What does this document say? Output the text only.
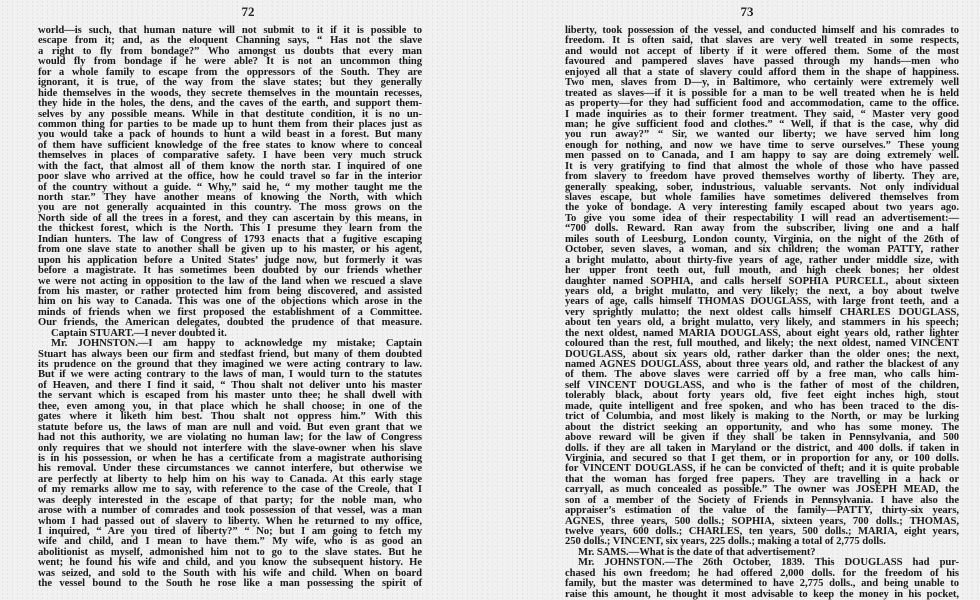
72
world—is such, that human nature will not submit to it if it is possible to
escape from it; and, as the eloquent Channing says, “ Has not the slave
a right to fly from bondage?” Who amongst us doubts that every man
would fly from bondage if he were able? It is not an uncommon thing
for a whole family to escape from the oppressors of the South. They are
ignorant, it is true, of the way from the slave states; but they generally
hide themselves in the woods, they secrete themselves in the mountain recesses,
they hide in the holes, the dens, and the caves of the earth, and support them-
selves by any possible means. While in that destitute condition, it is no un-
common thing for parties to be made up to hunt them from their places just as
you would take a pack of hounds to hunt a wild beast in a forest. But many
of them have sufficient knowledge of the free states to know where to conceal
themselves in places of comparative safety. I have been very much struck
with the fact, that almost all of them know the north star. I inquired of one
poor slave who arrived at the office, how he could travel so far in the interior
of the country without a guide. “ Why,” said he, “ my mother taught me the
north star.” They have another means of knowing the North, with which
you are not generally acquainted in this country. The moss grows on the
North side of all the trees in a forest, and they can ascertain by this means, in
the thickest forest, which is the North. This I presume they learn from the
Indian hunters. The law of Congress of 1793 enacts that a fugitive escaping
from one slave state to another shall be given up to his master, or his agent,
upon his application before a United States’ judge now, but formerly it was
before a magistrate. It has sometimes been doubted by our friends whether
we were not acting in opposition to the law of the land when we rescued a slave
from his master, or rather protected him from being discovered, and assisted
him on his way to Canada. This was one of the objections which arose in the
minds of friends when we first proposed the establishment of a Committee.
Our friends, the American delegates, doubted the prudence of that measure.
Captain STUART.—I never doubted it.
Mr. JOHNSTON.—I am happy to acknowledge my mistake; Captain
Stuart has always been our firm and stedfast friend, but many of them doubted
its prudence on the ground that they imagined we were acting contrary to law.
But if we were acting contrary to the laws of man, I would turn to the statutes
of Heaven, and there I find it said, “ Thou shalt not deliver unto his master
the servant which is escaped from his master unto thee; he shall dwell with
thee, even among you, in that place which he shall choose; in one of the
gates where it liketh him best. Thou shalt not oppress him.” With this
statute before us, the laws of man are null and void. But even grant that we
had not this authority, we are violating no human law; for the law of Congress
only requires that we should not interfere with the slave-owner when his slave
is in his possession, or when he has a certificate from a magistrate authorising
his removal. Under these circumstances we cannot interfere, but otherwise we
are perfectly at liberty to help him on his way to Canada. At this early stage
of my remarks allow me to say, with reference to the case of the Creole, that I
was deeply interested in the escape of that party; for the noble man, who
arose with a number of comrades and took possession of that vessel, was a man
whom I had passed out of slavery to liberty. When he returned to my office,
I inquired, “ Are you tired of liberty?” “ No; but I am going to fetch my
wife and child, and I mean to have them.” My wife, who is as good an
abolitionist as myself, admonished him not to go to the slave states. But he
went; he found his wife and child, and you know the subsequent history. He
was seized, and sold to the South with his wife and child. When on board
the vessel bound to the South he rose like a man possessing the spirit of
73
liberty, took possession of the vessel, and conducted himself and his comrades to
freedom. It is often said, that slaves are very well treated in some respects,
and would not accept of liberty if it were offered them. Some of the most
favoured and pampered slaves have passed through my hands—men who
enjoyed all that a state of slavery could afford them in the shape of happiness.
Two men, slaves from D—y, in Baltimore, who certainly were extremely well
treated as slaves—if it is possible for a man to be well treated when he is held
as property—for they had sufficient food and accommodation, came to the office.
I made inquiries as to their former treatment. They said, “ Master very good
man; he give sufficient food and clothes.” “ Well, if that is the case, why did
you run away?” “ Sir, we wanted our liberty; we have served him long
enough for nothing, and now we have time to serve ourselves.” These young
men passed on to Canada, and I am happy to say are doing extremely well.
It is very gratifying to find that almost the whole of those who have passed
from slavery to freedom have proved themselves worthy of liberty. They are,
generally speaking, sober, industrious, valuable servants. Not only individual
slaves escape, but whole families have sometimes delivered themselves from
the yoke of bondage. A very interesting family escaped about two years ago.
To give you some idea of their respectability I will read an advertisement:—
“700 dolls. Reward. Ran away from the subscriber, living one and a half
miles south of Leesburg, London county, Virginia, on the night of the 26th of
October, seven slaves, a woman, and six children; the woman PATTY, rather
a bright mulatto, about thirty-five years of age, rather under middle size, with
her upper front teeth out, full mouth, and high cheek bones; her oldest
daughter named SOPHIA, and calls herself SOPHIA PURCELL, about sixteen
years old, a bright mulatto, and very likely; the next, a boy about twelve
years of age, calls himself THOMAS DOUGLASS, with large front teeth, and a
very sprightly mulatto; the next oldest calls himself CHARLES DOUGLASS,
about ten years old, a bright mulatto, very likely, and stammers in his speech;
the next oldest, named MARIA DOUGLASS, about eight years old, rather lighter
coloured than the rest, full mouthed, and likely; the next oldest, named VINCENT
DOUGLASS, about six years old, rather darker than the older ones; the next,
named AGNES DOUGLASS, about three years old, and rather the blackest of any
of them. The above slaves were carried off by a free man, who calls him-
self VINCENT DOUGLASS, and who is the father of most of the children,
tolerably black, about forty years old, five feet eight inches high, stout
made, quite intelligent and free spoken, and who has been traced to the dis-
trict of Columbia, and most likely is making to the North, or may be lurking
about the district seeking an opportunity, and who has some money. The
above reward will be given if they shall be taken in Pennsylvania, and 500
dolls. if they are all taken in Maryland or the district, and 400 dolls. if taken in
Virginia, and secured so that I get them, or in proportion for any, or 100 dolls.
for VINCENT DOUGLASS, if he can be convicted of theft; and it is quite probable
that the woman has forged free papers. They are travelling in a hack or
carryall, as much concealed as possible.” The owner was JOSEPH MEAD, the
son of a member of the Society of Friends in Pennsylvania. I have also the
appraiser’s estimation of the value of the family—PATTY, thirty-six years,
AGNES, three years, 500 dolls.; SOPHIA, sixteen years, 700 dolls.; THOMAS,
twelve years, 600 dolls.; CHARLES, ten years, 500 dolls.; MARIA, eight years,
250 dolls.; VINCENT, six years, 225 dolls.; making a total of 2,775 dolls.
Mr. SAMS.—What is the date of that advertisement?
Mr. JOHNSTON.—The 26th October, 1839. This DOUGLASS had pur-
chased his own freedom; he had offered 2,000 dolls. for the freedom of his
family, but the master was determined to have 2,775 dolls., and being unable to
raise this amount, he thought it most advisable to keep the money in his pocket,
